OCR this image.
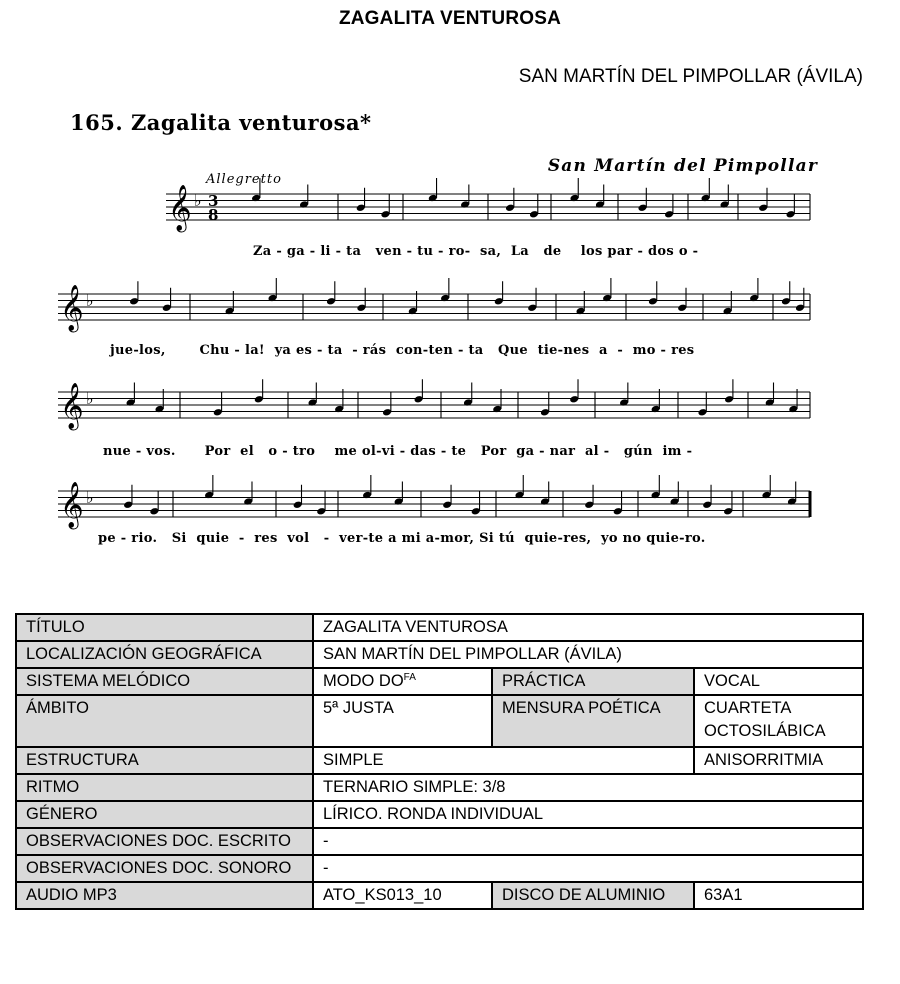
ZAGALITA VENTUROSA
SAN MARTÍN DEL PIMPOLLAR (ÁVILA)
165. Zagalita venturosa*
San Martín del Pimpollar
Allegretto
𝄞 ♭
𝄞 ♭
𝄞 ♭
𝄞 ♭
3
8
Za - ga - li - ta   ven - tu - ro-  sa,  La   de    los par - dos o -
jue-los,       Chu - la!  ya es - ta  - rás  con-ten - ta   Que  tie-nes  a  -  mo - res
nue - vos.      Por  el   o - tro    me ol-vi - das - te   Por  ga - nar  al -   gún  im -
pe - rio.   Si  quie  -  res  vol   -  ver-te a mi a-mor, Si tú  quie-res,  yo no quie-ro.
TÍTULO	ZAGALITA VENTUROSA		
LOCALIZACIÓN GEOGRÁFICA	SAN MARTÍN DEL PIMPOLLAR (ÁVILA)		
SISTEMA MELÓDICO	MODO $DO^{FA}$	PRÁCTICA	VOCAL
ÁMBITO	5ª JUSTA	MENSURA POÉTICA	CUARTETA OCTOSILÁBICA
ESTRUCTURA	SIMPLE		ANISORRITMIA
RITMO	TERNARIO SIMPLE: 3/8		
GÉNERO	LÍRICO. RONDA INDIVIDUAL		
OBSERVACIONES DOC. ESCRITO	-		
OBSERVACIONES DOC. SONORO	-		
AUDIO MP3	ATO_KS013_10	DISCO DE ALUMINIO	63A1
